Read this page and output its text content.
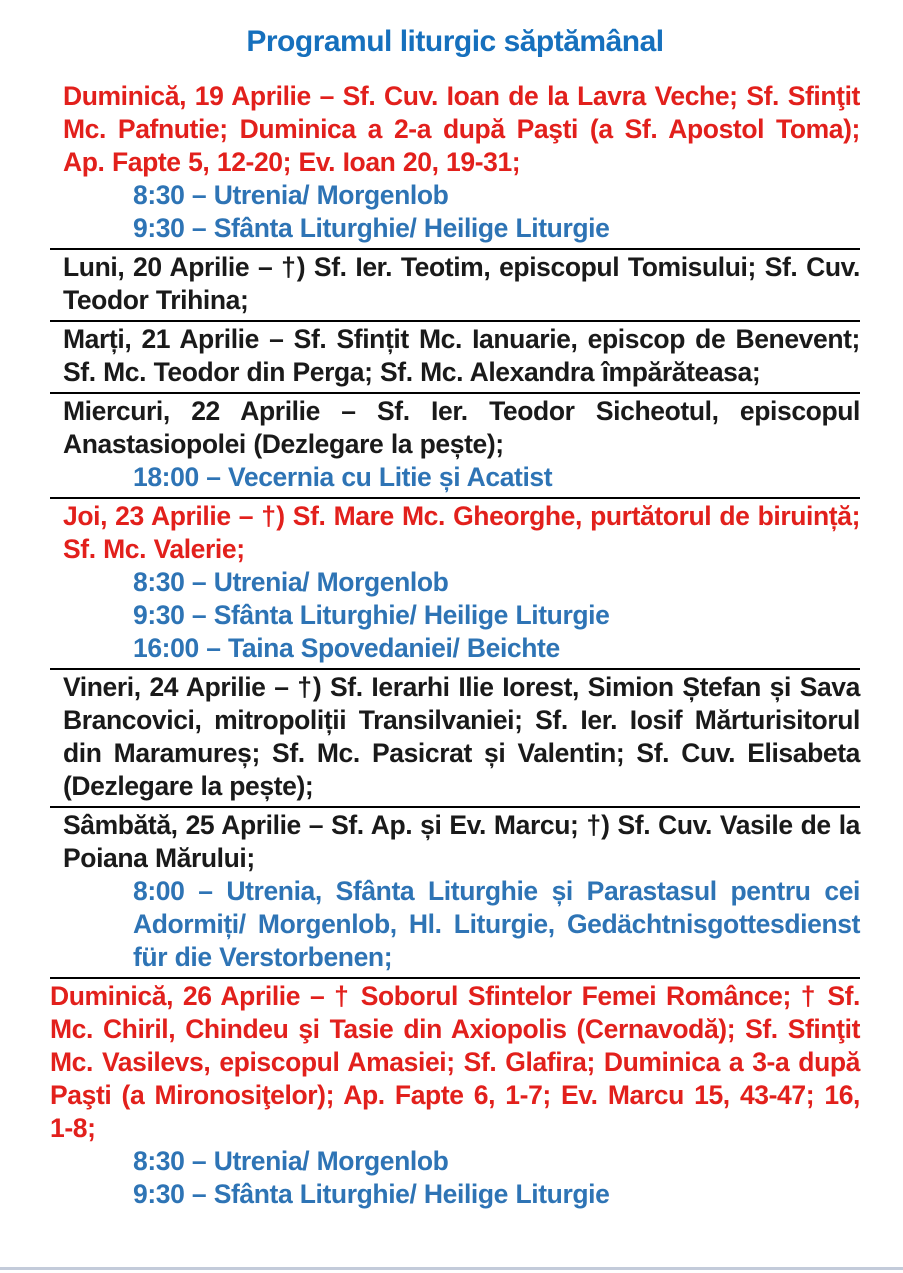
Programul liturgic săptămânal

Duminică, 19 Aprilie – Sf. Cuv. Ioan de la Lavra Veche; Sf. Sfinţit Mc. Pafnutie; Duminica a 2-a după Paşti (a Sf. Apostol Toma); Ap. Fapte 5, 12-20; Ev. Ioan 20, 19-31;

8:30 – Utrenia/ Morgenlob

9:30 – Sfânta Liturghie/ Heilige Liturgie

Luni, 20 Aprilie – †) Sf. Ier. Teotim, episcopul Tomisului; Sf. Cuv. Teodor Trihina;

Marți, 21 Aprilie – Sf. Sfințit Mc. Ianuarie, episcop de Benevent; Sf. Mc. Teodor din Perga; Sf. Mc. Alexandra împărăteasa;

Miercuri, 22 Aprilie – Sf. Ier. Teodor Sicheotul, episcopul Anastasiopolei (Dezlegare la pește);

18:00 – Vecernia cu Litie și Acatist

Joi, 23 Aprilie – †) Sf. Mare Mc. Gheorghe, purtătorul de biruință; Sf. Mc. Valerie;

8:30 – Utrenia/ Morgenlob

9:30 – Sfânta Liturghie/ Heilige Liturgie

16:00 – Taina Spovedaniei/ Beichte

Vineri, 24 Aprilie – †) Sf. Ierarhi Ilie Iorest, Simion Ștefan și Sava Brancovici, mitropoliții Transilvaniei; Sf. Ier. Iosif Mărturisitorul din Maramureș; Sf. Mc. Pasicrat și Valentin; Sf. Cuv. Elisabeta (Dezlegare la pește);

Sâmbătă, 25 Aprilie – Sf. Ap. și Ev. Marcu; †) Sf. Cuv. Vasile de la Poiana Mărului;

8:00 – Utrenia, Sfânta Liturghie și Parastasul pentru cei Adormiți/ Morgenlob, Hl. Liturgie, Gedächtnisgottesdienst für die Verstorbenen;

Duminică, 26 Aprilie – † Soborul Sfintelor Femei Românce; † Sf. Mc. Chiril, Chindeu şi Tasie din Axiopolis (Cernavodă); Sf. Sfinţit Mc. Vasilevs, episcopul Amasiei; Sf. Glafira; Duminica a 3-a după Paşti (a Mironosiţelor); Ap. Fapte 6, 1-7; Ev. Marcu 15, 43-47; 16, 1-8;

8:30 – Utrenia/ Morgenlob

9:30 – Sfânta Liturghie/ Heilige Liturgie
